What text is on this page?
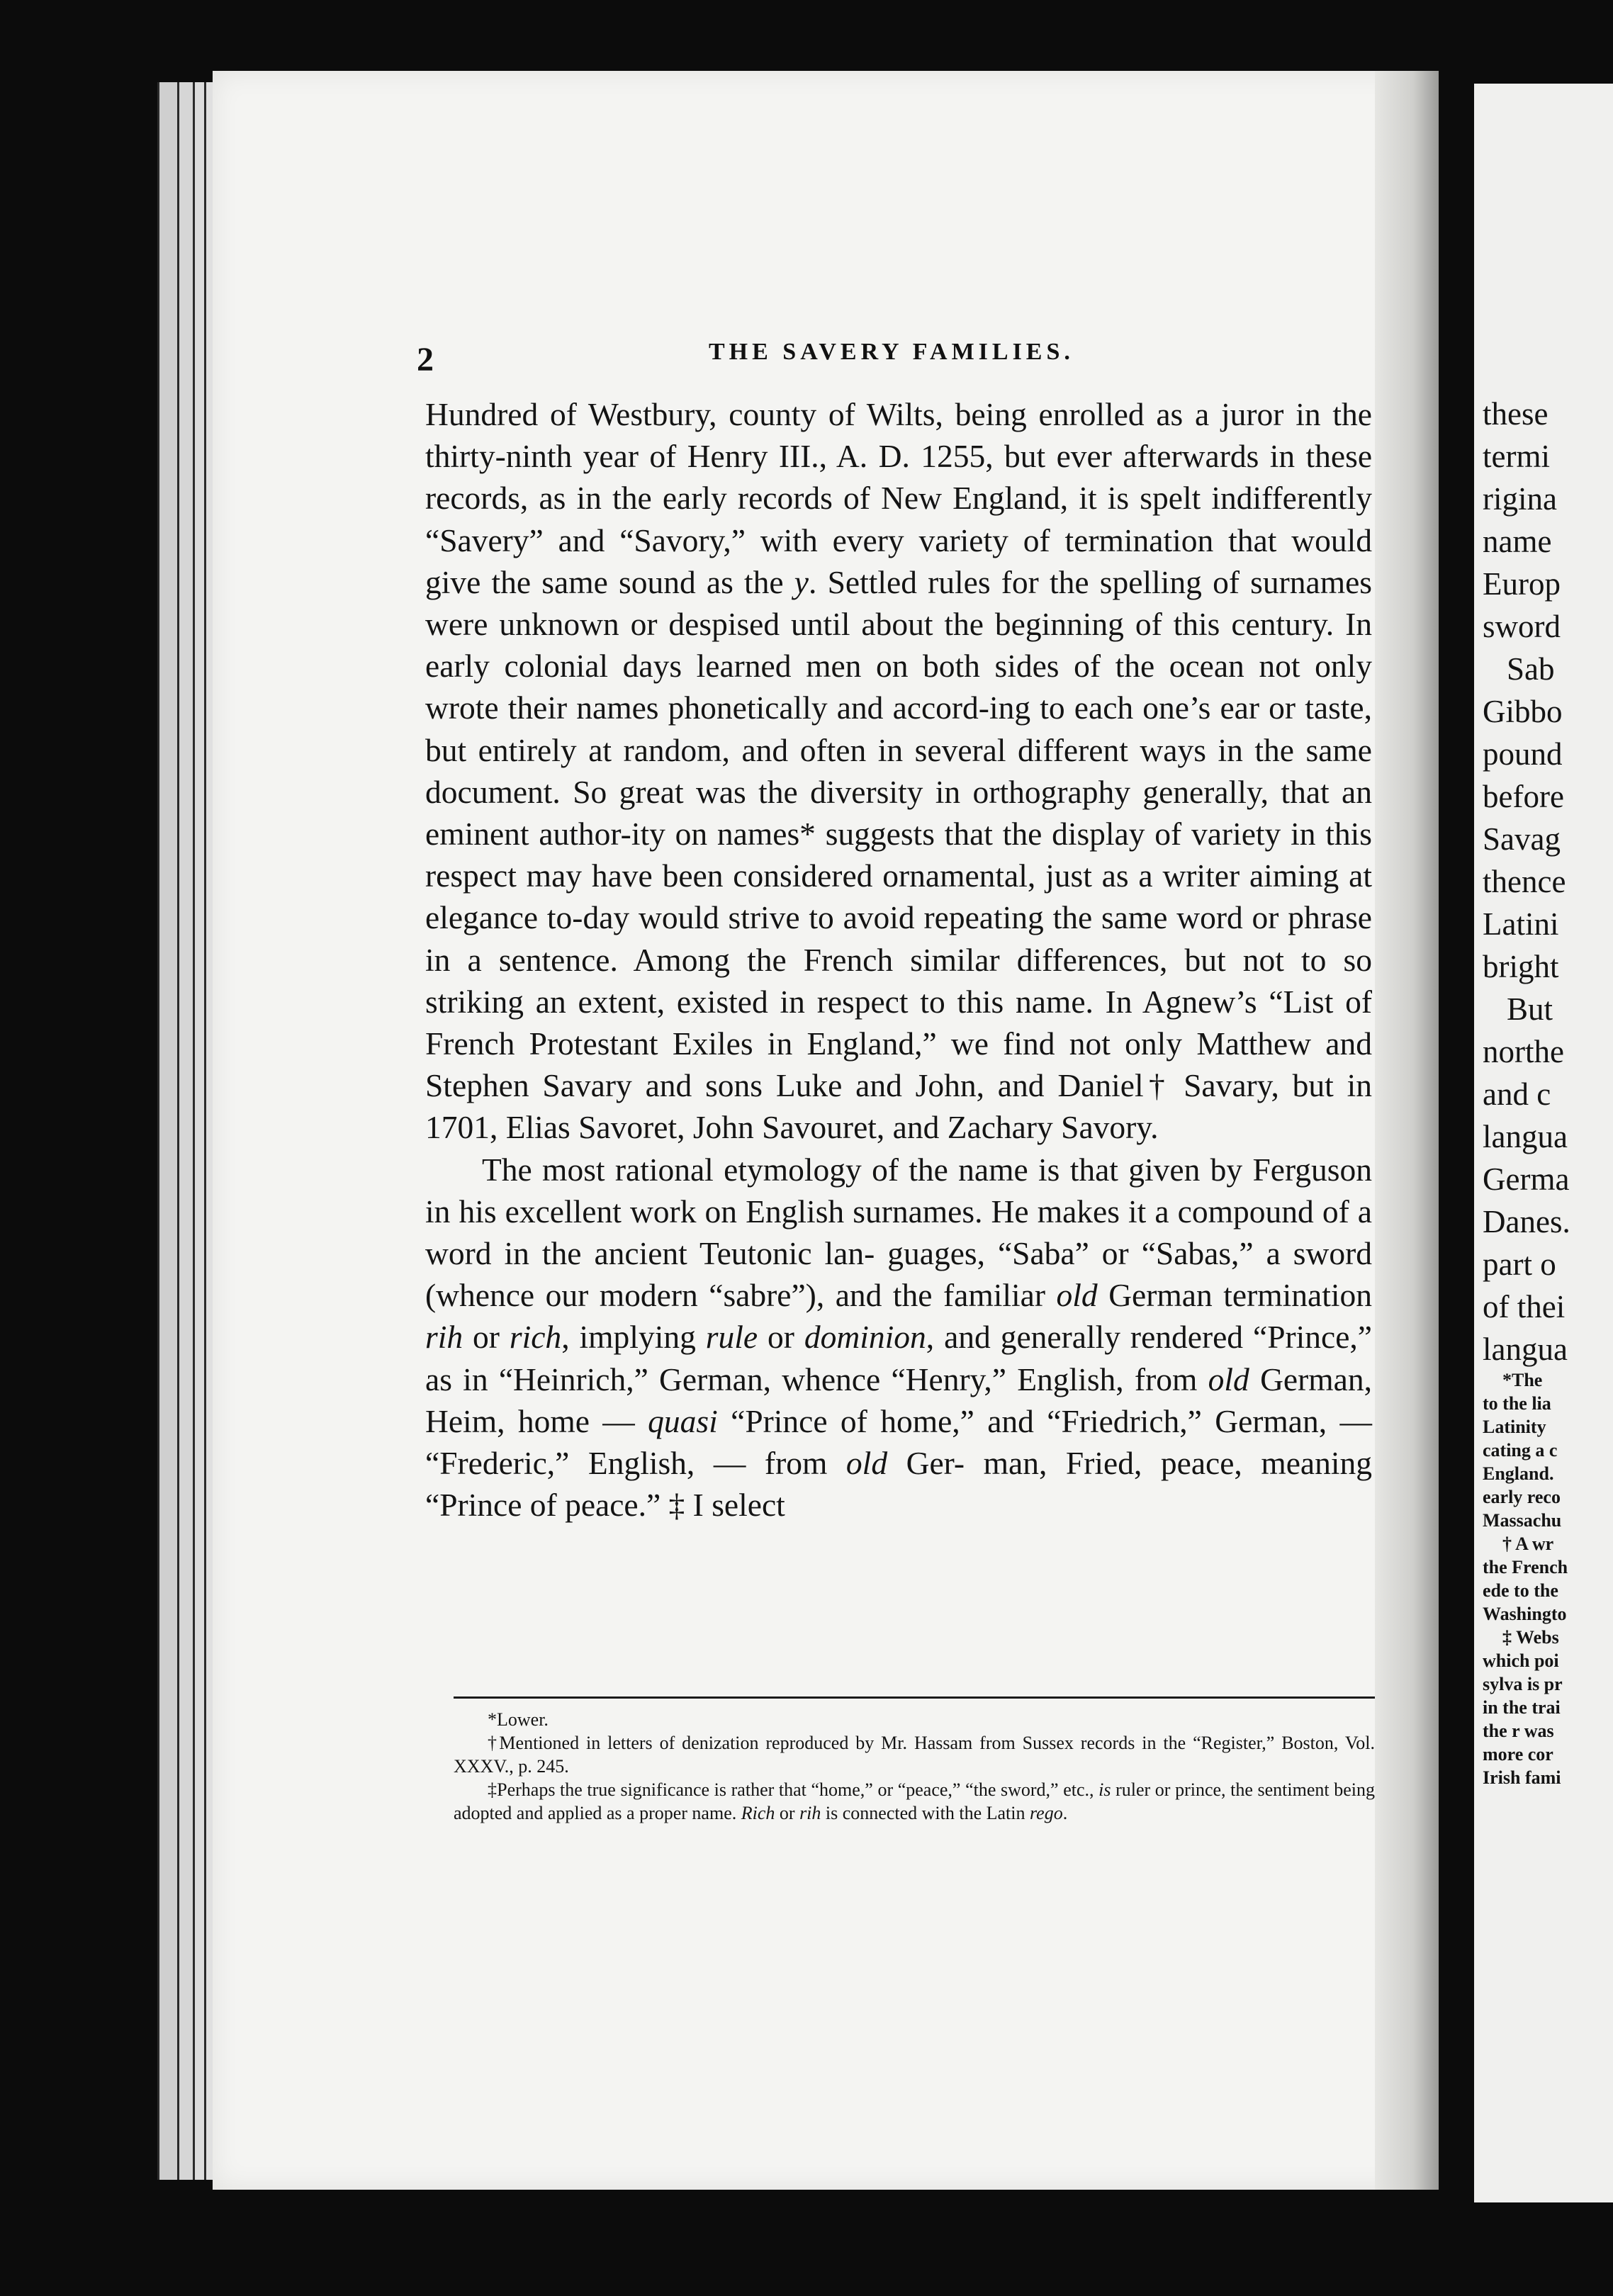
2	THE SAVERY FAMILIES.

Hundred of Westbury, county of Wilts, being enrolled as a juror in the thirty-ninth year of Henry III., A. D. 1255, but ever afterwards in these records, as in the early records of New England, it is spelt indifferently “Savery” and “Savory,” with every variety of termination that would give the same sound as the y. Settled rules for the spelling of surnames were unknown or despised until about the beginning of this century. In early colonial days learned men on both sides of the ocean not only wrote their names phonetically and accord-ing to each one’s ear or taste, but entirely at random, and often in several different ways in the same document. So great was the diversity in orthography generally, that an eminent author-ity on names* suggests that the display of variety in this respect may have been considered ornamental, just as a writer aiming at elegance to-day would strive to avoid repeating the same word or phrase in a sentence. Among the French similar differences, but not to so striking an extent, existed in respect to this name. In Agnew’s “List of French Protestant Exiles in England,” we find not only Matthew and Stephen Savary and sons Luke and John, and Daniel† Savary, but in 1701, Elias Savoret, John Savouret, and Zachary Savory.

The most rational etymology of the name is that given by Ferguson in his excellent work on English surnames. He makes it a compound of a word in the ancient Teutonic lan- guages, “Saba” or “Sabas,” a sword (whence our modern “sabre”), and the familiar old German termination rih or rich, implying rule or dominion, and generally rendered “Prince,” as in “Heinrich,” German, whence “Henry,” English, from old German, Heim, home — quasi “Prince of home,” and “Friedrich,” German, — “Frederic,” English, — from old Ger- man, Fried, peace, meaning “Prince of peace.” ‡ I select

*Lower.

†Mentioned in letters of denization reproduced by Mr. Hassam from Sussex records in the “Register,” Boston, Vol. XXXV., p. 245.

‡Perhaps the true significance is rather that “home,” or “peace,” “the sword,” etc., is ruler or prince, the sentiment being adopted and applied as a proper name. Rich or rih is connected with the Latin rego.

these
termi
rigina
name
Europ
sword
Sab
Gibbo
pound
before
Savag
thence
Latini
bright
But
northe
and c
langua
Germa
Danes.
part o
of thei
langua
*The
to the lia
Latinity
cating a c
England.
early reco
Massachu
† A wr
the French
ede to the
Washingto
‡ Webs
which poi
sylva is pr
in the trai
the r was
more cor
Irish fami
